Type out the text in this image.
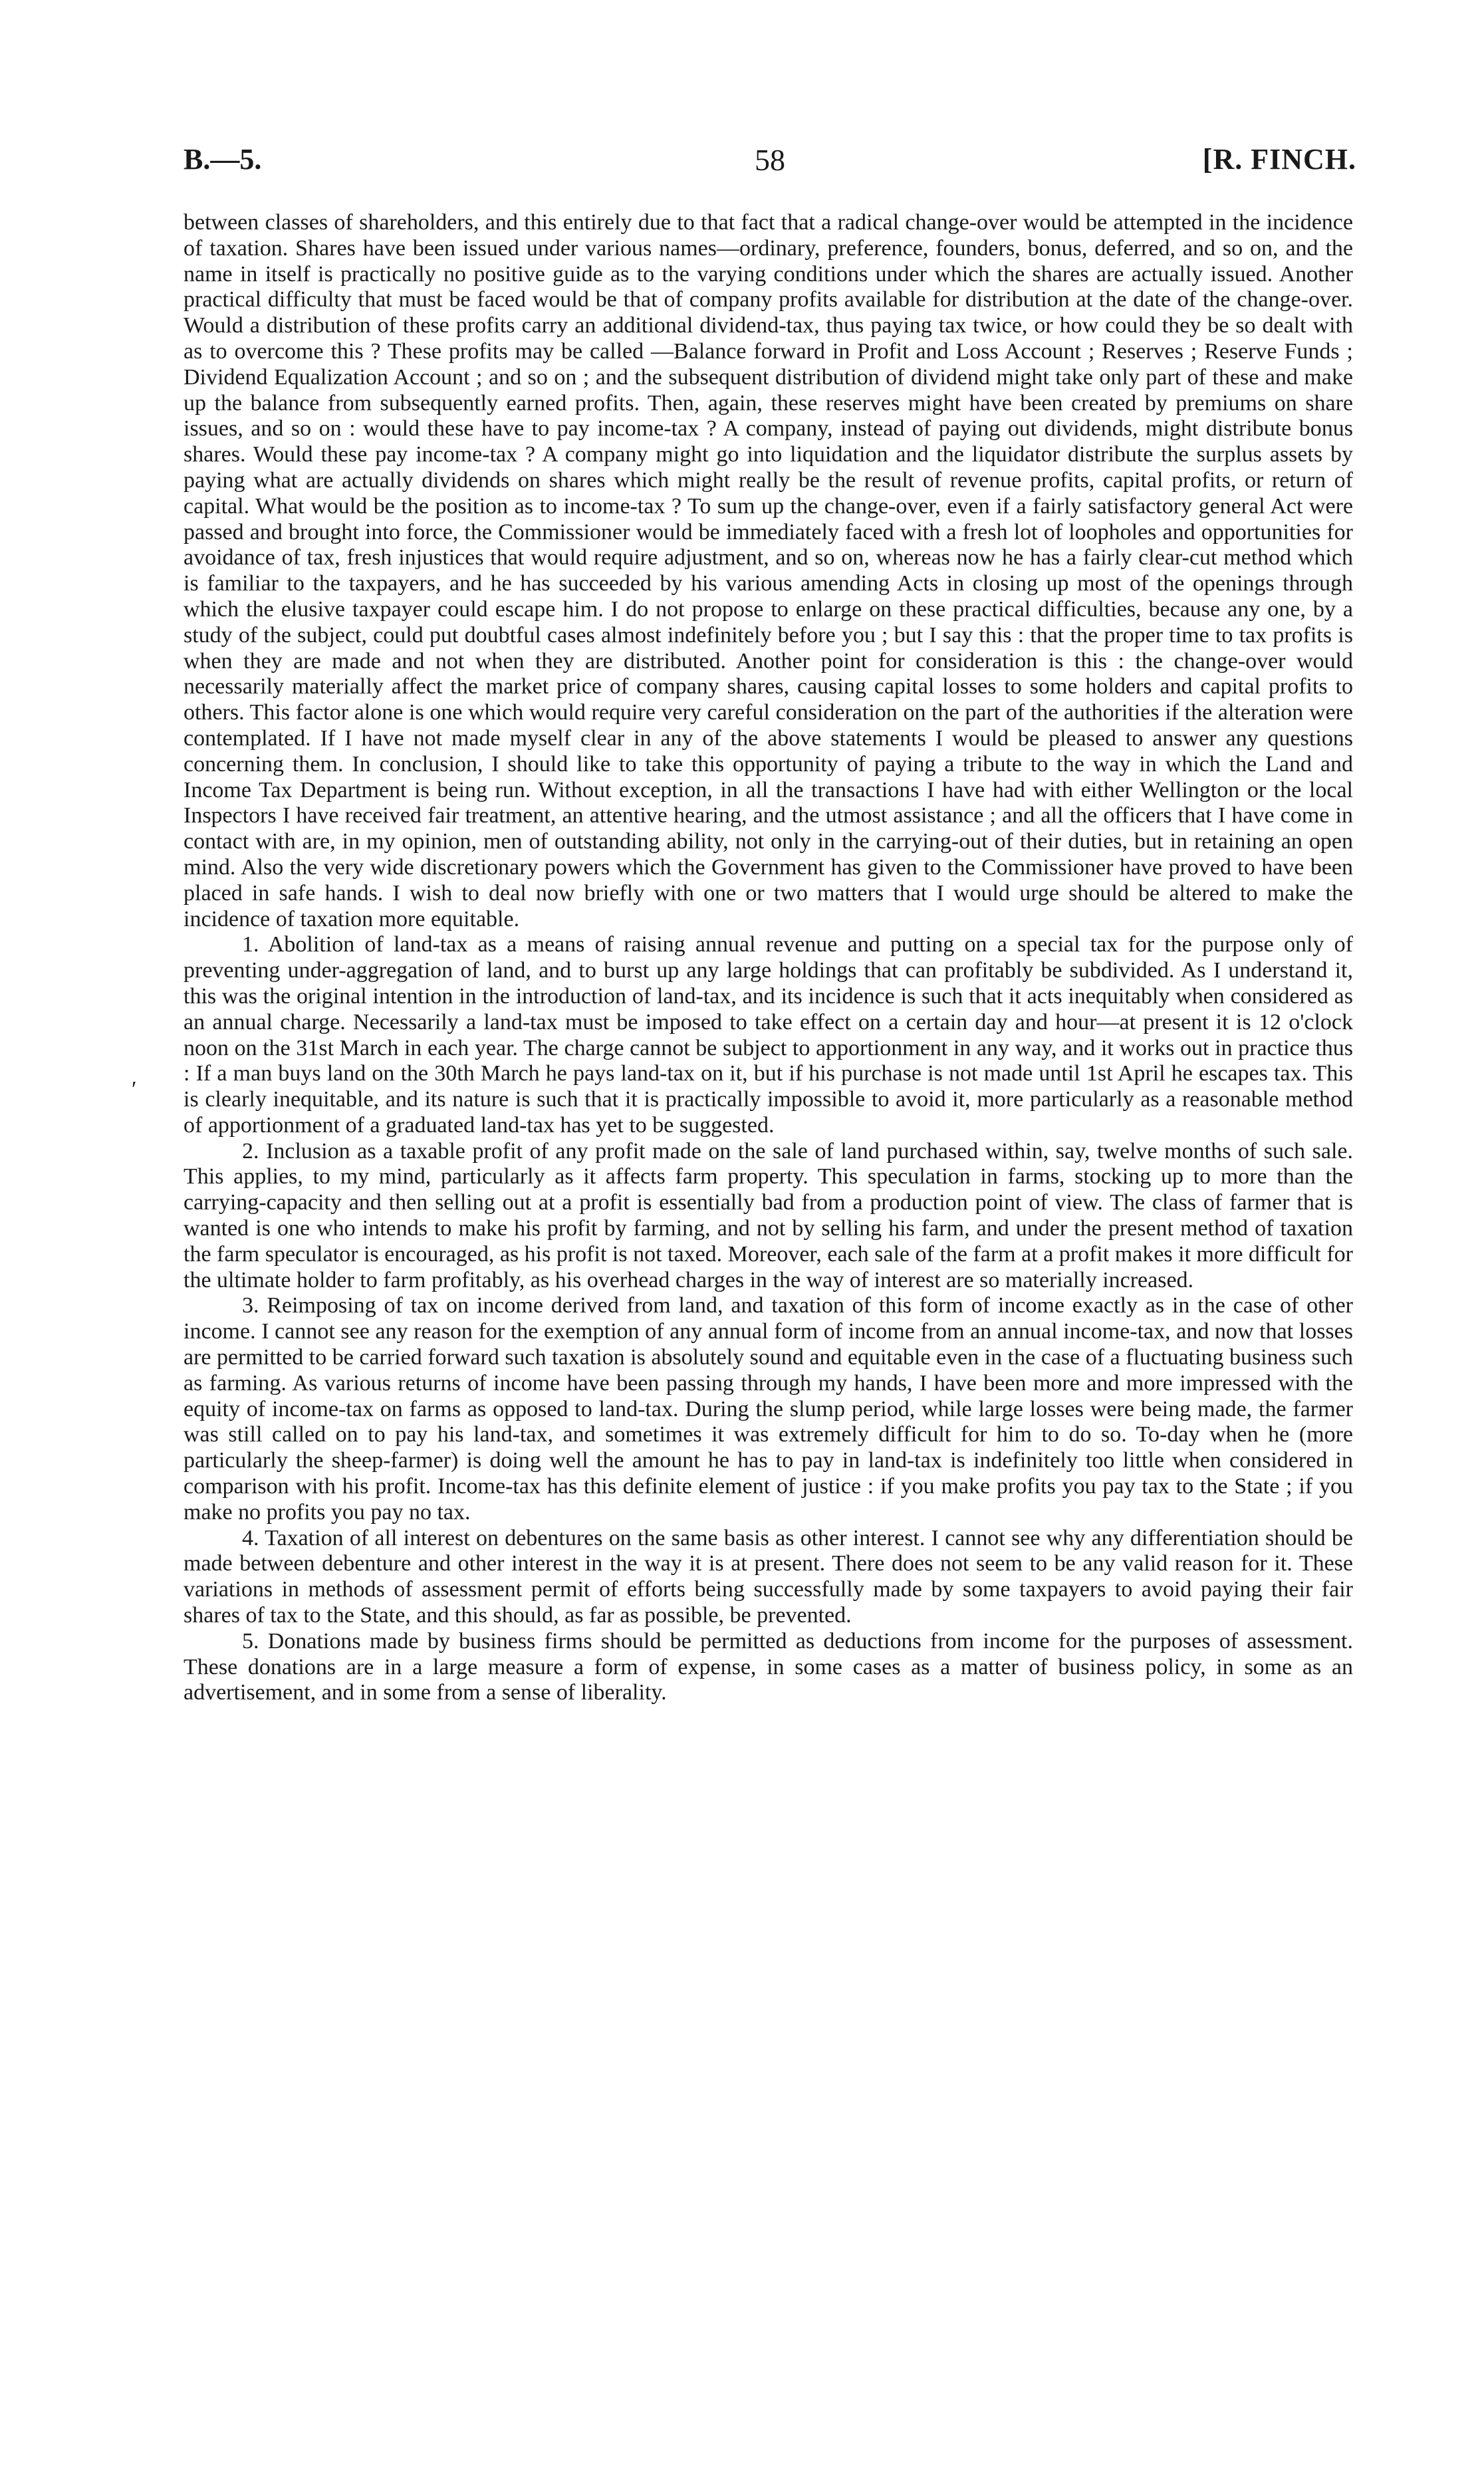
B.—5.	58	[R. FINCH.
′

between classes of shareholders, and this entirely due to that fact that a radical change-over would be attempted in the incidence of taxation. Shares have been issued under various names—ordinary, preference, founders, bonus, deferred, and so on, and the name in itself is practically no positive guide as to the varying conditions under which the shares are actually issued. Another practical difficulty that must be faced would be that of company profits available for distribution at the date of the change-over. Would a distribution of these profits carry an additional dividend-tax, thus paying tax twice, or how could they be so dealt with as to overcome this ? These profits may be called —Balance forward in Profit and Loss Account ; Reserves ; Reserve Funds ; Dividend Equalization Account ; and so on ; and the subsequent distribution of dividend might take only part of these and make up the balance from subsequently earned profits. Then, again, these reserves might have been created by premiums on share issues, and so on : would these have to pay income-tax ? A company, instead of paying out dividends, might distribute bonus shares. Would these pay income-tax ? A company might go into liquidation and the liquidator distribute the surplus assets by paying what are actually dividends on shares which might really be the result of revenue profits, capital profits, or return of capital. What would be the position as to income-tax ? To sum up the change-over, even if a fairly satisfactory general Act were passed and brought into force, the Commissioner would be immediately faced with a fresh lot of loopholes and opportunities for avoidance of tax, fresh injustices that would require adjustment, and so on, whereas now he has a fairly clear-cut method which is familiar to the taxpayers, and he has succeeded by his various amending Acts in closing up most of the openings through which the elusive taxpayer could escape him. I do not propose to enlarge on these practical difficulties, because any one, by a study of the subject, could put doubtful cases almost indefinitely before you ; but I say this : that the proper time to tax profits is when they are made and not when they are distributed. Another point for consideration is this : the change-over would necessarily materially affect the market price of company shares, causing capital losses to some holders and capital profits to others. This factor alone is one which would require very careful consideration on the part of the authorities if the alteration were contemplated. If I have not made myself clear in any of the above statements I would be pleased to answer any questions concerning them. In conclusion, I should like to take this opportunity of paying a tribute to the way in which the Land and Income Tax Department is being run. Without exception, in all the transactions I have had with either Wellington or the local Inspectors I have received fair treatment, an attentive hearing, and the utmost assistance ; and all the officers that I have come in contact with are, in my opinion, men of outstanding ability, not only in the carrying-out of their duties, but in retaining an open mind. Also the very wide discretionary powers which the Government has given to the Commissioner have proved to have been placed in safe hands. I wish to deal now briefly with one or two matters that I would urge should be altered to make the incidence of taxation more equitable.

1. Abolition of land-tax as a means of raising annual revenue and putting on a special tax for the purpose only of preventing under-aggregation of land, and to burst up any large holdings that can profitably be subdivided. As I understand it, this was the original intention in the introduction of land-tax, and its incidence is such that it acts inequitably when considered as an annual charge. Necessarily a land-tax must be imposed to take effect on a certain day and hour—at present it is 12 o'clock noon on the 31st March in each year. The charge cannot be subject to apportionment in any way, and it works out in practice thus : If a man buys land on the 30th March he pays land-tax on it, but if his purchase is not made until 1st April he escapes tax. This is clearly inequitable, and its nature is such that it is practically impossible to avoid it, more particularly as a reasonable method of apportionment of a graduated land-tax has yet to be suggested.

2. Inclusion as a taxable profit of any profit made on the sale of land purchased within, say, twelve months of such sale. This applies, to my mind, particularly as it affects farm property. This speculation in farms, stocking up to more than the carrying-capacity and then selling out at a profit is essentially bad from a production point of view. The class of farmer that is wanted is one who intends to make his profit by farming, and not by selling his farm, and under the present method of taxation the farm speculator is encouraged, as his profit is not taxed. Moreover, each sale of the farm at a profit makes it more difficult for the ultimate holder to farm profitably, as his overhead charges in the way of interest are so materially increased.

3. Reimposing of tax on income derived from land, and taxation of this form of income exactly as in the case of other income. I cannot see any reason for the exemption of any annual form of income from an annual income-tax, and now that losses are permitted to be carried forward such taxation is absolutely sound and equitable even in the case of a fluctuating business such as farming. As various returns of income have been passing through my hands, I have been more and more impressed with the equity of income-tax on farms as opposed to land-tax. During the slump period, while large losses were being made, the farmer was still called on to pay his land-tax, and sometimes it was extremely difficult for him to do so. To-day when he (more particularly the sheep-farmer) is doing well the amount he has to pay in land-tax is indefinitely too little when considered in comparison with his profit. Income-tax has this definite element of justice : if you make profits you pay tax to the State ; if you make no profits you pay no tax.

4. Taxation of all interest on debentures on the same basis as other interest. I cannot see why any differentiation should be made between debenture and other interest in the way it is at present. There does not seem to be any valid reason for it. These variations in methods of assessment permit of efforts being successfully made by some taxpayers to avoid paying their fair shares of tax to the State, and this should, as far as possible, be prevented.

5. Donations made by business firms should be permitted as deductions from income for the purposes of assessment. These donations are in a large measure a form of expense, in some cases as a matter of business policy, in some as an advertisement, and in some from a sense of liberality.
